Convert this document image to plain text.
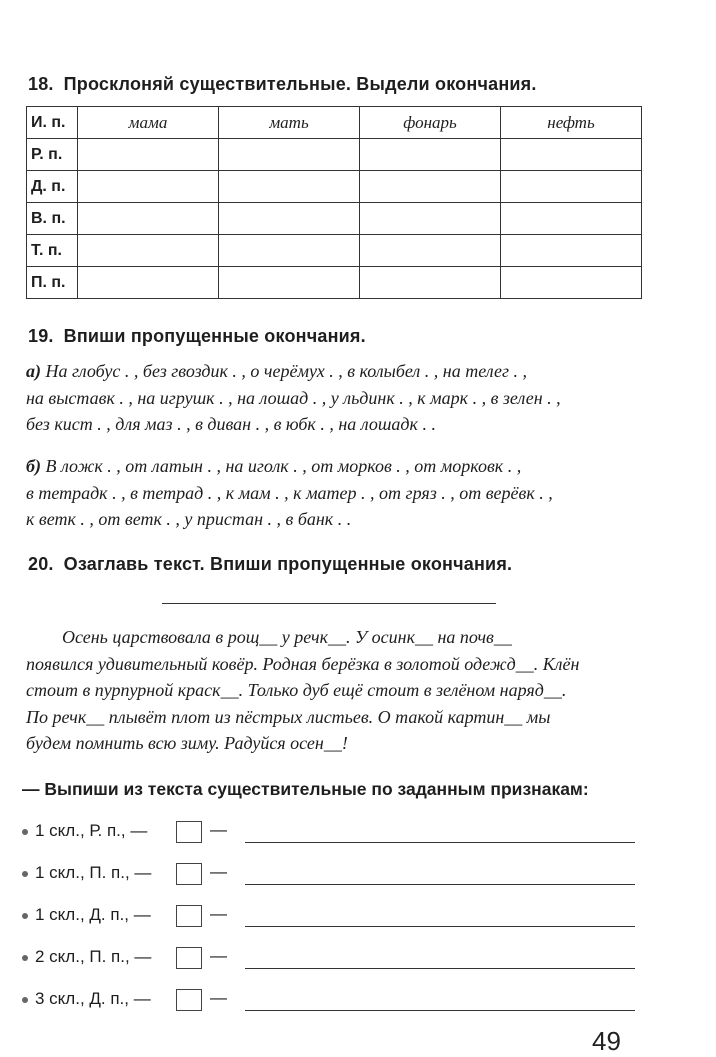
18. Просклоняй существительные. Выдели окончания.
И. п.	мама	мать	фонарь	нефть
Р. п.				
Д. п.				
В. п.				
Т. п.				
П. п.				
19. Впиши пропущенные окончания.
а) На глобус . , без гвоздик . , о черёмух . , в колыбел . , на телег . ,
на выставк . , на игрушк . , на лошад . , у льдинк . , к марк . , в зелен . ,
без кист . , для маз . , в диван . , в юбк . , на лошадк . .
б) В ложк . , от латын . , на иголк . , от морков . , от морковк . ,
в тетрадк . , в тетрад . , к мам . , к матер . , от гряз . , от верёвк . ,
к ветк . , от ветк . , у пристан . , в банк . .
20. Озаглавь текст. Впиши пропущенные окончания.
Осень царствовала в рощ__ у речк__. У осинк__ на почв__
появился удивительный ковёр. Родная берёзка в золотой одежд__. Клён
стоит в пурпурной краск__. Только дуб ещё стоит в зелёном наряд__.
По речк__ плывёт плот из пёстрых листьев. О такой картин__ мы
будем помнить всю зиму. Радуйся осен__!
— Выпиши из текста существительные по заданным признакам:
1 скл., Р. п., —	—
1 скл., П. п., —	—
1 скл., Д. п., —	—
2 скл., П. п., —	—
3 скл., Д. п., —	—
49
